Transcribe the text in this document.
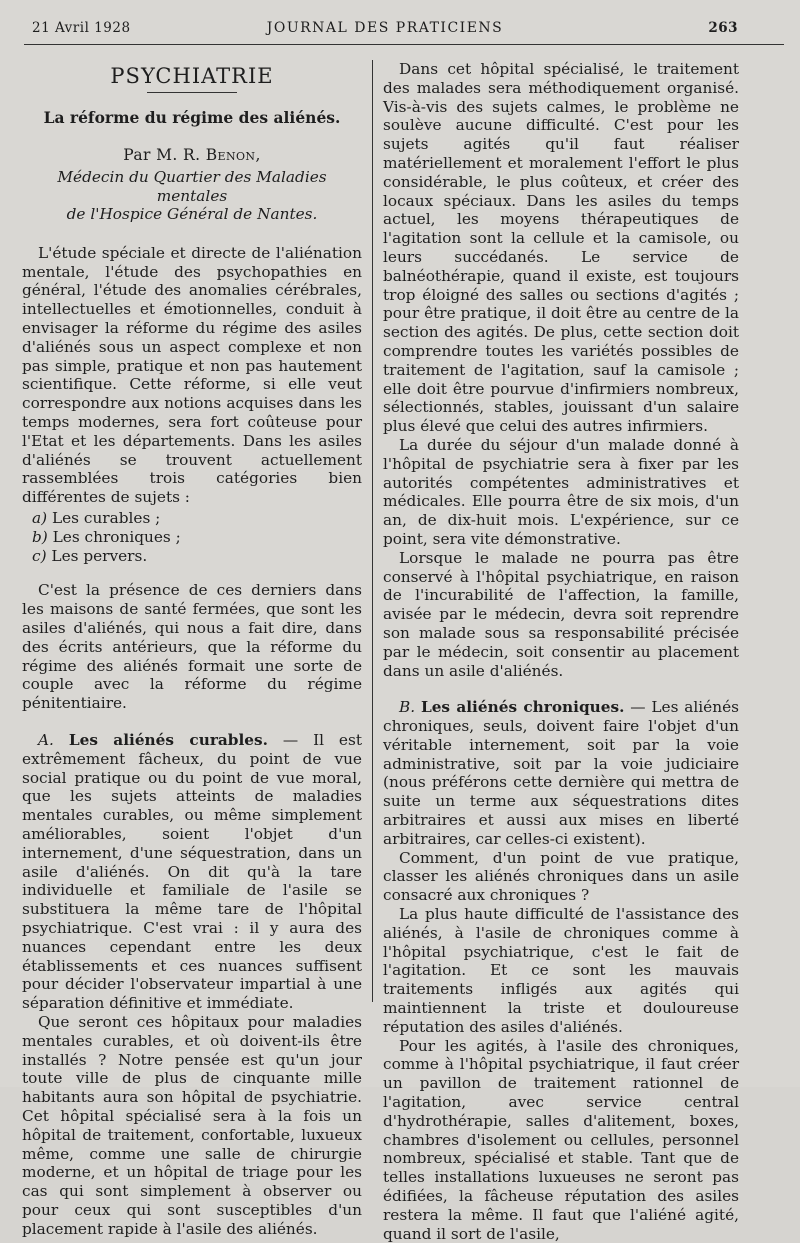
21 Avril 1928	JOURNAL DES PRATICIENS	263
PSYCHIATRIE
La réforme du régime des aliénés.
Par M. R. Benon,
Médecin du Quartier des Maladies mentales
de l'Hospice Général de Nantes.

L'étude spéciale et directe de l'aliénation mentale, l'étude des psychopathies en général, l'étude des anomalies cérébrales, intellectuelles et émotionnelles, conduit à envisager la réforme du régime des asiles d'aliénés sous un aspect complexe et non pas simple, pratique et non pas hautement scientifique. Cette réforme, si elle veut correspondre aux notions acquises dans les temps modernes, sera fort coûteuse pour l'Etat et les départements. Dans les asiles d'aliénés se trouvent actuellement rassemblées trois catégories bien différentes de sujets :

a) Les curables ;
b) Les chroniques ;
c) Les pervers.

C'est la présence de ces derniers dans les maisons de santé fermées, que sont les asiles d'aliénés, qui nous a fait dire, dans des écrits antérieurs, que la réforme du régime des aliénés formait une sorte de couple avec la réforme du régime pénitentiaire.

A. Les aliénés curables. — Il est extrêmement fâcheux, du point de vue social pratique ou du point de vue moral, que les sujets atteints de maladies mentales curables, ou même simplement améliorables, soient l'objet d'un internement, d'une séquestration, dans un asile d'aliénés. On dit qu'à la tare individuelle et familiale de l'asile se substituera la même tare de l'hôpital psychiatrique. C'est vrai : il y aura des nuances cependant entre les deux établissements et ces nuances suffisent pour décider l'observateur impartial à une séparation définitive et immédiate.

Que seront ces hôpitaux pour maladies mentales curables, et où doivent-ils être installés ? Notre pensée est qu'un jour toute ville de plus de cinquante mille habitants aura son hôpital de psychiatrie. Cet hôpital spécialisé sera à la fois un hôpital de traitement, confortable, luxueux même, comme une salle de chirurgie moderne, et un hôpital de triage pour les cas qui sont simplement à observer ou pour ceux qui sont susceptibles d'un placement rapide à l'asile des aliénés.

Dans cet hôpital spécialisé, le traitement des malades sera méthodiquement organisé. Vis-à-vis des sujets calmes, le problème ne soulève aucune difficulté. C'est pour les sujets agités qu'il faut réaliser matériellement et moralement l'effort le plus considérable, le plus coûteux, et créer des locaux spéciaux. Dans les asiles du temps actuel, les moyens thérapeutiques de l'agitation sont la cellule et la camisole, ou leurs succédanés. Le service de balnéothérapie, quand il existe, est toujours trop éloigné des salles ou sections d'agités ; pour être pratique, il doit être au centre de la section des agités. De plus, cette section doit comprendre toutes les variétés possibles de traitement de l'agitation, sauf la camisole ; elle doit être pourvue d'infirmiers nombreux, sélectionnés, stables, jouissant d'un salaire plus élevé que celui des autres infirmiers.

La durée du séjour d'un malade donné à l'hôpital de psychiatrie sera à fixer par les autorités compétentes administratives et médicales. Elle pourra être de six mois, d'un an, de dix-huit mois. L'expérience, sur ce point, sera vite démonstrative.

Lorsque le malade ne pourra pas être conservé à l'hôpital psychiatrique, en raison de l'incurabilité de l'affection, la famille, avisée par le médecin, devra soit reprendre son malade sous sa responsabilité précisée par le médecin, soit consentir au placement dans un asile d'aliénés.

B. Les aliénés chroniques. — Les aliénés chroniques, seuls, doivent faire l'objet d'un véritable internement, soit par la voie administrative, soit par la voie judiciaire (nous préférons cette dernière qui mettra de suite un terme aux séquestrations dites arbitraires et aussi aux mises en liberté arbitraires, car celles-ci existent).

Comment, d'un point de vue pratique, classer les aliénés chroniques dans un asile consacré aux chroniques ?

La plus haute difficulté de l'assistance des aliénés, à l'asile de chroniques comme à l'hôpital psychiatrique, c'est le fait de l'agitation. Et ce sont les mauvais traitements infligés aux agités qui maintiennent la triste et douloureuse réputation des asiles d'aliénés.

Pour les agités, à l'asile des chroniques, comme à l'hôpital psychiatrique, il faut créer un pavillon de traitement rationnel de l'agitation, avec service central d'hydrothérapie, salles d'alitement, boxes, chambres d'isolement ou cellules, personnel nombreux, spécialisé et stable. Tant que de telles installations luxueuses ne seront pas édifiées, la fâcheuse réputation des asiles restera la même. Il faut que l'aliéné agité, quand il sort de l'asile,
